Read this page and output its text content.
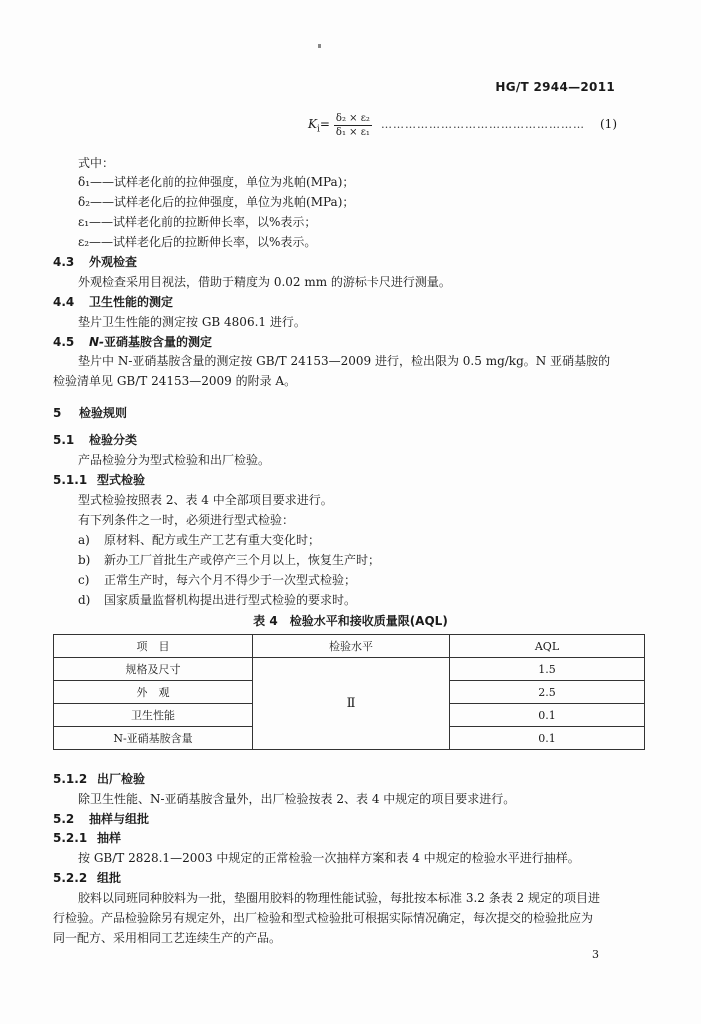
HG/T 2944—2011
$K_i= \frac{\text{δ₂ × ε₂}}{\text{δ₁ × ε₁}}$ …………………………………………… (1)
式中：
δ₁——试样老化前的拉伸强度，单位为兆帕(MPa)；
δ₂——试样老化后的拉伸强度，单位为兆帕(MPa)；
ε₁——试样老化前的拉断伸长率，以%表示；
ε₂——试样老化后的拉断伸长率，以%表示。
4.3 外观检查
外观检查采用目视法，借助于精度为 0.02 mm 的游标卡尺进行测量。
4.4 卫生性能的测定
垫片卫生性能的测定按 GB 4806.1 进行。
4.5 N-亚硝基胺含量的测定
垫片中 N-亚硝基胺含量的测定按 GB/T 24153—2009 进行，检出限为 0.5 mg/kg。N 亚硝基胺的
检验清单见 GB/T 24153—2009 的附录 A。
5 检验规则
5.1 检验分类
产品检验分为型式检验和出厂检验。
5.1.1 型式检验
型式检验按照表 2、表 4 中全部项目要求进行。
有下列条件之一时，必须进行型式检验：
a) 原材料、配方或生产工艺有重大变化时；
b) 新办工厂首批生产或停产三个月以上，恢复生产时；
c) 正常生产时，每六个月不得少于一次型式检验；
d) 国家质量监督机构提出进行型式检验的要求时。
表 4　检验水平和接收质量限(AQL)
项　目	检验水平	AQL
规格及尺寸	Ⅱ	1.5
外　观		2.5
卫生性能		0.1
N-亚硝基胺含量		0.1
5.1.2 出厂检验
除卫生性能、N-亚硝基胺含量外，出厂检验按表 2、表 4 中规定的项目要求进行。
5.2 抽样与组批
5.2.1 抽样
按 GB/T 2828.1—2003 中规定的正常检验一次抽样方案和表 4 中规定的检验水平进行抽样。
5.2.2 组批
胶料以同班同种胶料为一批，垫圈用胶料的物理性能试验，每批按本标准 3.2 条表 2 规定的项目进
行检验。产品检验除另有规定外，出厂检验和型式检验批可根据实际情况确定，每次提交的检验批应为
同一配方、采用相同工艺连续生产的产品。
3
